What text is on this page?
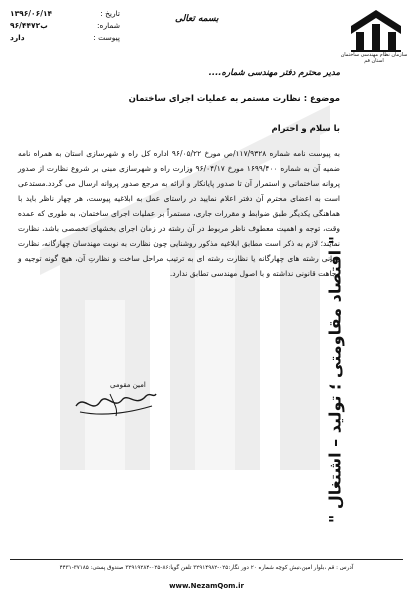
تاریخ :
۱۳۹۶/۰۶/۱۴
شماره:
۹۶/۴۴۷۲ب
پیوست :
دارد
بسمه تعالی
سازمان نظام مهندسی ساختمان استان قم
" اقتصاد مقاومتی ؛ تولید – اشتغال "

مدیر محترم دفتر مهندسی شماره....

موضوع : نظارت مستمر به عملیات اجرای ساختمان

با سلام و احترام

به پیوست نامه شماره ۱۱۷/۹۳۲۸/ص مورخ ۹۶/۰۵/۲۲ اداره کل راه و شهرسازی استان به همراه نامه ضمیه آن به شماره ۱۶۹۹/۴۰۰ مورخ ۹۶/۰۴/۱۷ وزارت راه و شهرسازی مبنی بر شروع نظارت از صدور پروانه ساختمانی و استمرار آن تا صدور پایانکار و ارائه به مرجع صدور پروانه ارسال می گردد.مستدعی است به اعضای محترم آن دفتر اعلام نمایید در راستای عمل به ابلاغیه پیوست، هر چهار ناظر باید با هماهنگی یکدیگر طبق ضوابط و مقررات جاری، مستمراً بر عملیات اجرای ساختمان، به طوری که عمده وقت، توجه و اهمیت معطوف ناظر مربوط در آن رشته در زمان اجرای بخشهای تخصصی باشد، نظارت نمایند؛ لازم به ذکر است مطابق ابلاغیه مذکور روشنایی چون نظارت به نوبت مهندسان چهارگانه، نظارت زمانی رشته های چهارگانه یا نظارت رشته ای به ترتیب مراحل ساخت و نظارتِ آن، هیچ گونه توجیه و وجاهت قانونی نداشته و با اصول مهندسی تطابق ندارد.

امین مقومی
آدرس : قم ،بلوار امین،نبش کوچه شماره ۲۰ دور نگار:۰۲۵-۳۲۹۱۴۹۸۲ تلفن گویا:۸۶-۰۲۵-۳۲۹۱۹۲۸۴ صندوق پستی: ۳۷۱۸۵-۴۴۳۱
www.NezamQom.ir
